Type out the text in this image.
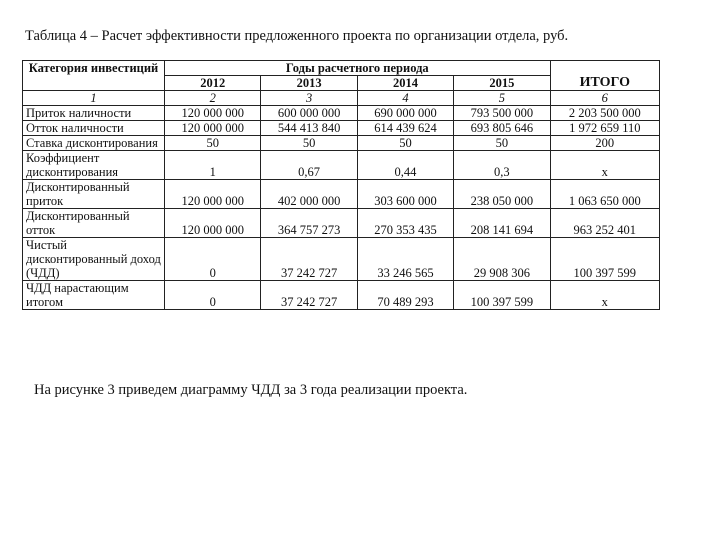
Таблица 4 – Расчет эффективности предложенного проекта по организации отдела, руб.
Категория инвестиций	Годы расчетного периода				ИТОГО
	2012	2013	2014	2015	
1	2	3	4	5	6
Приток наличности	120 000 000	600 000 000	690 000 000	793 500 000	2 203 500 000
Отток наличности	120 000 000	544 413 840	614 439 624	693 805 646	1 972 659 110
Ставка дисконтирования	50	50	50	50	200
Коэффициент дисконтирования	1	0,67	0,44	0,3	х
Дисконтированный приток	120 000 000	402 000 000	303 600 000	238 050 000	1 063 650 000
Дисконтированный отток	120 000 000	364 757 273	270 353 435	208 141 694	963 252 401
Чистый дисконтированный доход (ЧДД)	0	37 242 727	33 246 565	29 908 306	100 397 599
ЧДД нарастающим итогом	0	37 242 727	70 489 293	100 397 599	х
На рисунке 3 приведем диаграмму ЧДД за 3 года реализации проекта.
